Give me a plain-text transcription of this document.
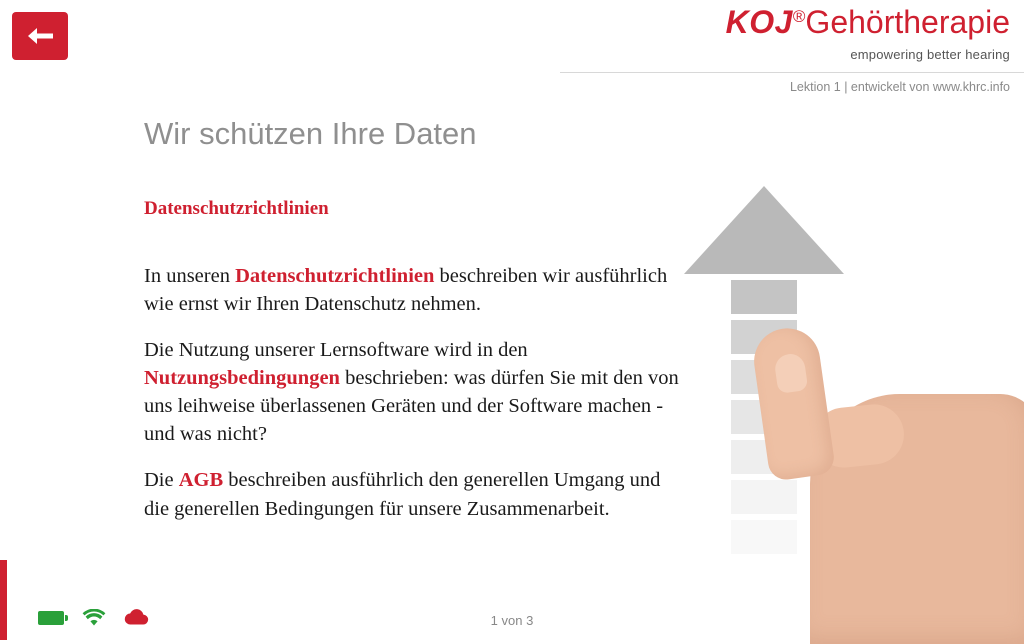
KOJ®Gehörtherapie
empowering better hearing
Lektion 1 | entwickelt von www.khrc.info
Wir schützen Ihre Daten
Datenschutzrichtlinien

In unseren Datenschutzrichtlinien beschreiben wir ausführlich wie ernst wir Ihren Datenschutz nehmen.

Die Nutzung unserer Lernsoftware wird in den Nutzungsbedingungen beschrieben: was dürfen Sie mit den von uns leihweise überlassenen Geräten und der Software machen - und was nicht?

Die AGB beschreiben ausführlich den generellen Umgang und die generellen Bedingungen für unsere Zusammenarbeit.

1 von 3
